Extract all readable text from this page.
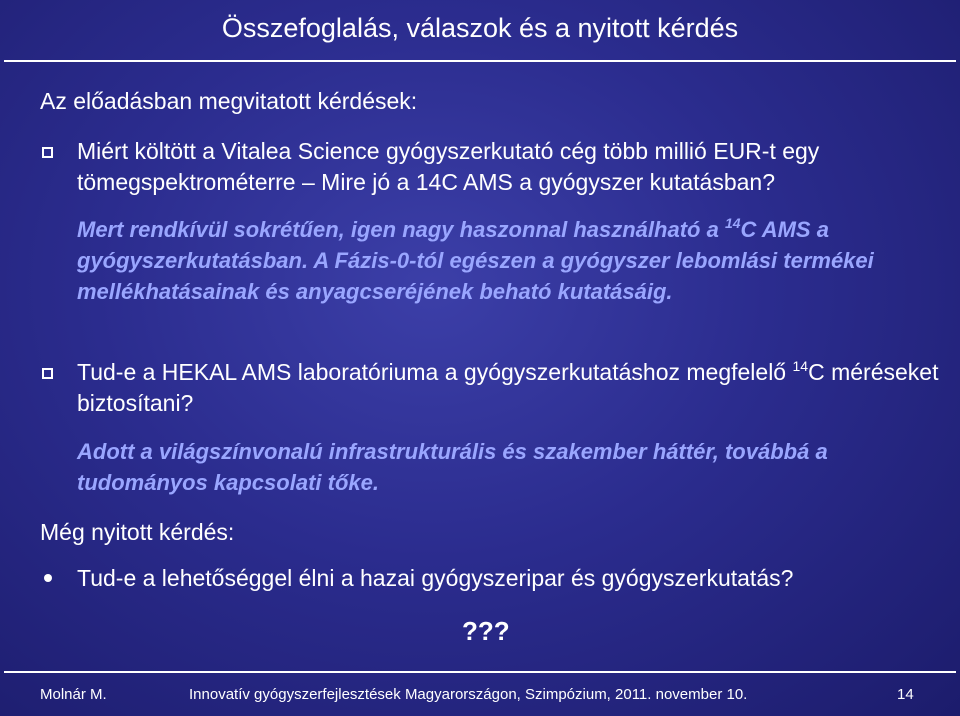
Összefoglalás, válaszok és a nyitott kérdés
Az előadásban megvitatott kérdések:
Miért költött a Vitalea Science gyógyszerkutató cég több millió EUR-t egy tömegspektrométerre – Mire jó a 14C AMS a gyógyszer kutatásban?
Mert rendkívül sokrétűen, igen nagy haszonnal használható a $^{14}$C AMS a gyógyszerkutatásban. A Fázis-0-tól egészen a gyógyszer lebomlási termékei mellékhatásainak és anyagcseréjének beható kutatásáig.
Tud-e a HEKAL AMS laboratóriuma a gyógyszerkutatáshoz megfelelő $^{14}$C méréseket biztosítani?
Adott a világszínvonalú infrastrukturális és szakember háttér, továbbá a tudományos kapcsolati tőke.
Még nyitott kérdés:
Tud-e a lehetőséggel élni a hazai gyógyszeripar és gyógyszerkutatás?
???
Molnár M.	Innovatív gyógyszerfejlesztések Magyarországon, Szimpózium, 2011. november 10.	14
